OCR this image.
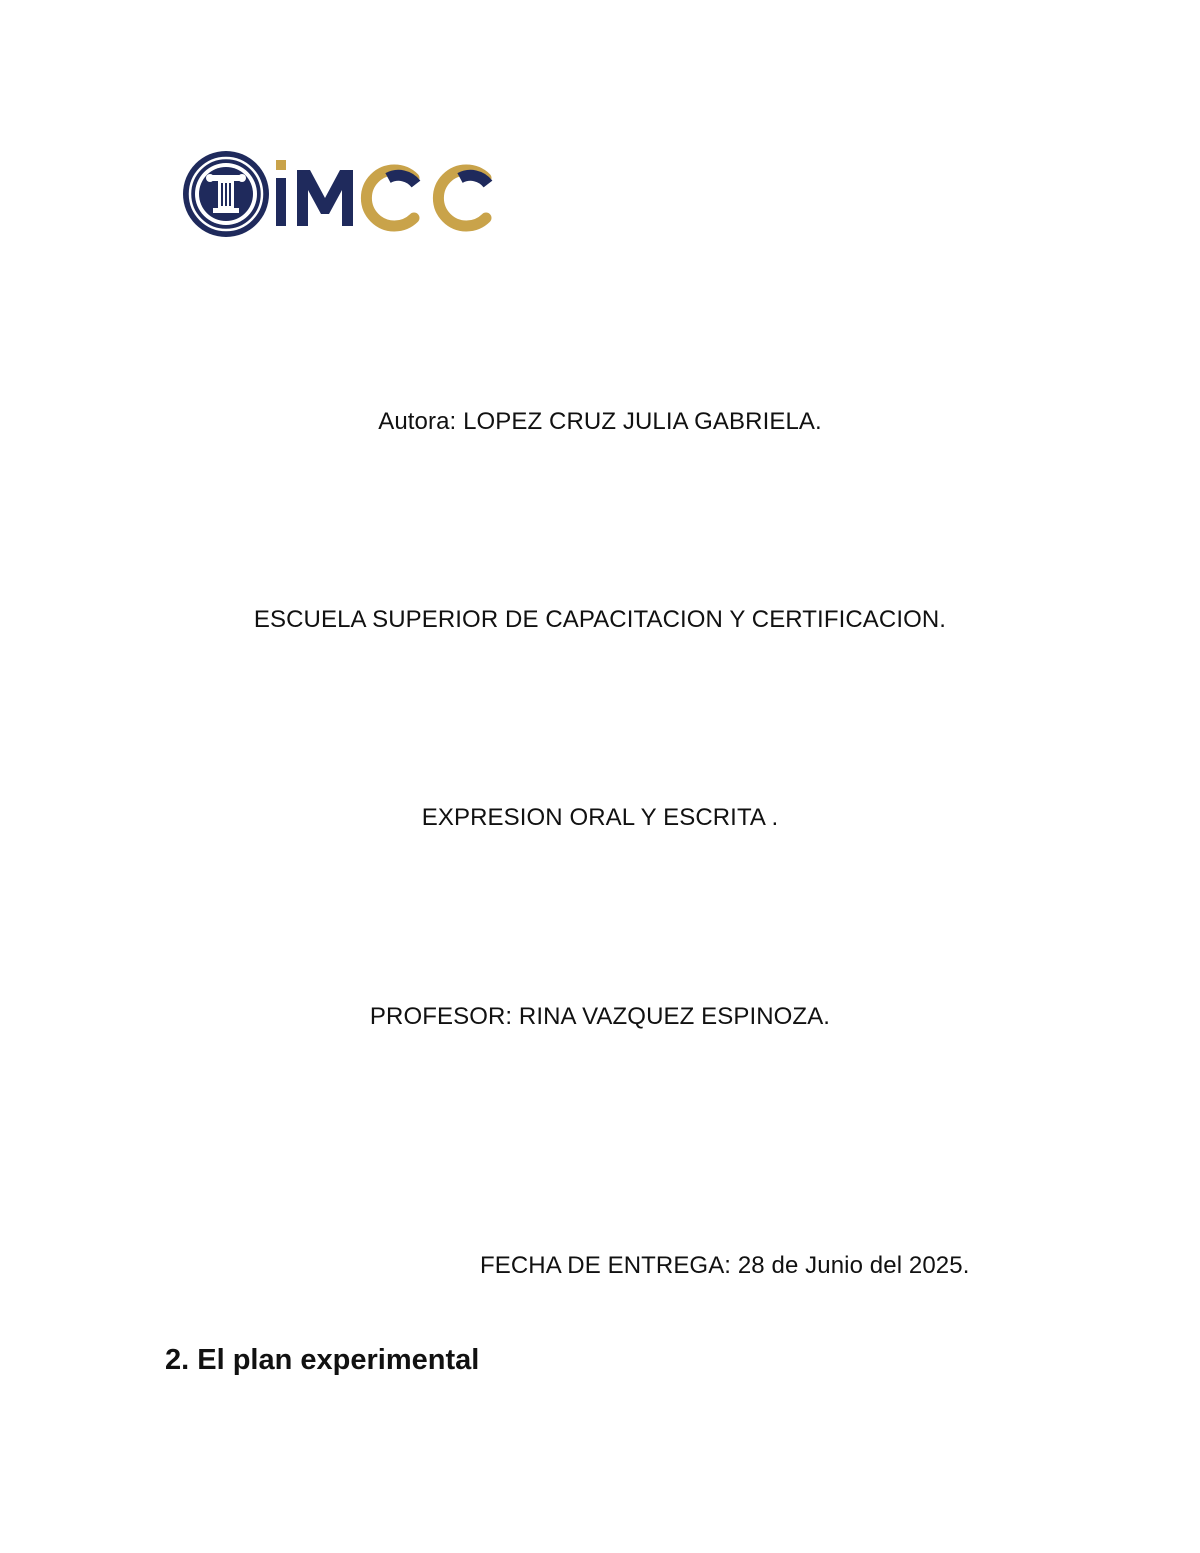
Autora: LOPEZ CRUZ JULIA GABRIELA.
ESCUELA SUPERIOR DE CAPACITACION Y CERTIFICACION.
EXPRESION ORAL Y ESCRITA .
PROFESOR: RINA VAZQUEZ ESPINOZA.
FECHA DE ENTREGA: 28 de Junio del 2025.
2. El plan experimental
